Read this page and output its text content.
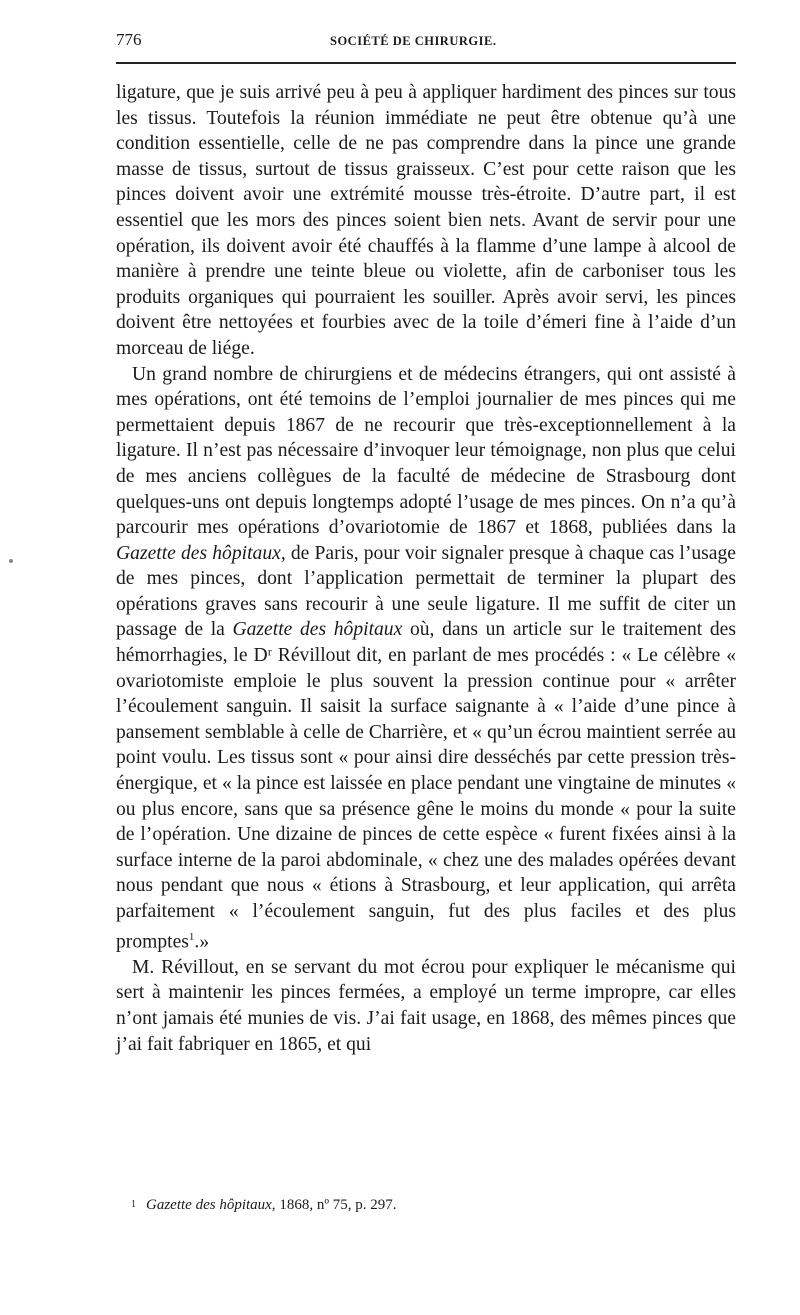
776	SOCIÉTÉ DE CHIRURGIE.

ligature, que je suis arrivé peu à peu à appliquer hardiment des pinces sur tous les tissus. Toutefois la réunion immédiate ne peut être obtenue qu’à une condition essentielle, celle de ne pas comprendre dans la pince une grande masse de tissus, surtout de tissus graisseux. C’est pour cette raison que les pinces doivent avoir une extrémité mousse très-étroite. D’autre part, il est essentiel que les mors des pinces soient bien nets. Avant de servir pour une opération, ils doivent avoir été chauffés à la flamme d’une lampe à alcool de manière à prendre une teinte bleue ou violette, afin de carboniser tous les produits organiques qui pourraient les souiller. Après avoir servi, les pinces doivent être nettoyées et fourbies avec de la toile d’émeri fine à l’aide d’un morceau de liége.

Un grand nombre de chirurgiens et de médecins étrangers, qui ont assisté à mes opérations, ont été temoins de l’emploi journalier de mes pinces qui me permettaient depuis 1867 de ne recourir que très-exceptionnellement à la ligature. Il n’est pas nécessaire d’invoquer leur témoignage, non plus que celui de mes anciens collègues de la faculté de médecine de Strasbourg dont quelques-uns ont depuis longtemps adopté l’usage de mes pinces. On n’a qu’à parcourir mes opérations d’ovariotomie de 1867 et 1868, publiées dans la Gazette des hôpitaux, de Paris, pour voir signaler presque à chaque cas l’usage de mes pinces, dont l’application permettait de terminer la plupart des opérations graves sans recourir à une seule ligature. Il me suffit de citer un passage de la Gazette des hôpitaux où, dans un article sur le traitement des hémorrhagies, le Dʳ Révillout dit, en parlant de mes procédés : « Le célèbre « ovariotomiste emploie le plus souvent la pression continue pour « arrêter l’écoulement sanguin. Il saisit la surface saignante à « l’aide d’une pince à pansement semblable à celle de Charrière, et « qu’un écrou maintient serrée au point voulu. Les tissus sont « pour ainsi dire desséchés par cette pression très-énergique, et « la pince est laissée en place pendant une vingtaine de minutes « ou plus encore, sans que sa présence gêne le moins du monde « pour la suite de l’opération. Une dizaine de pinces de cette espèce « furent fixées ainsi à la surface interne de la paroi abdominale, « chez une des malades opérées devant nous pendant que nous « étions à Strasbourg, et leur application, qui arrêta parfaitement « l’écoulement sanguin, fut des plus faciles et des plus promptes$^1$.»

M. Révillout, en se servant du mot écrou pour expliquer le mécanisme qui sert à maintenir les pinces fermées, a employé un terme impropre, car elles n’ont jamais été munies de vis. J’ai fait usage, en 1868, des mêmes pinces que j’ai fait fabriquer en 1865, et qui

$^1$ Gazette des hôpitaux, 1868, nº 75, p. 297.
